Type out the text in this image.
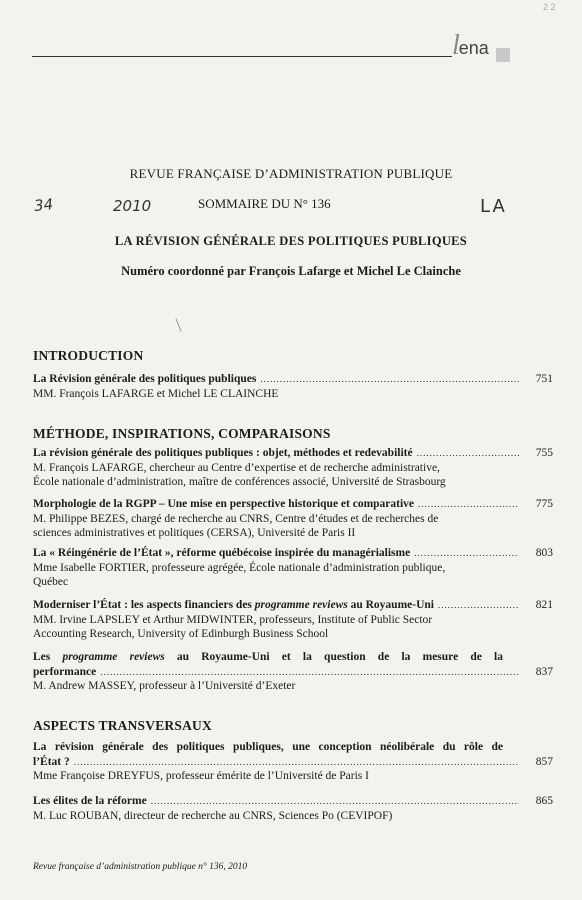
2 2
lena
REVUE FRANÇAISE D’ADMINISTRATION PUBLIQUE
34	2010	SOMMAIRE DU N° 136	LA
LA RÉVISION GÉNÉRALE DES POLITIQUES PUBLIQUES
Numéro coordonné par François Lafarge et Michel Le Clainche
INTRODUCTION
La Révision générale des politiques publiques .....	751
MM. François LAFARGE et Michel LE CLAINCHE
MÉTHODE, INSPIRATIONS, COMPARAISONS
La révision générale des politiques publiques : objet, méthodes et redevabilité .....	755
M. François LAFARGE, chercheur au Centre d’expertise et de recherche administrative,
École nationale d’administration, maître de conférences associé, Université de Strasbourg
Morphologie de la RGPP – Une mise en perspective historique et comparative .....	775
M. Philippe BEZES, chargé de recherche au CNRS, Centre d’études et de recherches de
sciences administratives et politiques (CERSA), Université de Paris II
La « Réingénérie de l’État », réforme québécoise inspirée du managérialisme .....	803
Mme Isabelle FORTIER, professeure agrégée, École nationale d’administration publique,
Québec
Moderniser l’État : les aspects financiers des programme reviews au Royaume-Uni .....	821
MM. Irvine LAPSLEY et Arthur MIDWINTER, professeurs, Institute of Public Sector
Accounting Research, University of Edinburgh Business School
Les programme reviews au Royaume-Uni et la question de la mesure de la
performance .....	837
M. Andrew MASSEY, professeur à l’Université d’Exeter
ASPECTS TRANSVERSAUX
La révision générale des politiques publiques, une conception néolibérale du rôle de
l’État ? .....	857
Mme Françoise DREYFUS, professeur émérite de l’Université de Paris I
Les élites de la réforme .....	865
M. Luc ROUBAN, directeur de recherche au CNRS, Sciences Po (CEVIPOF)
Revue française d’administration publique n° 136, 2010
